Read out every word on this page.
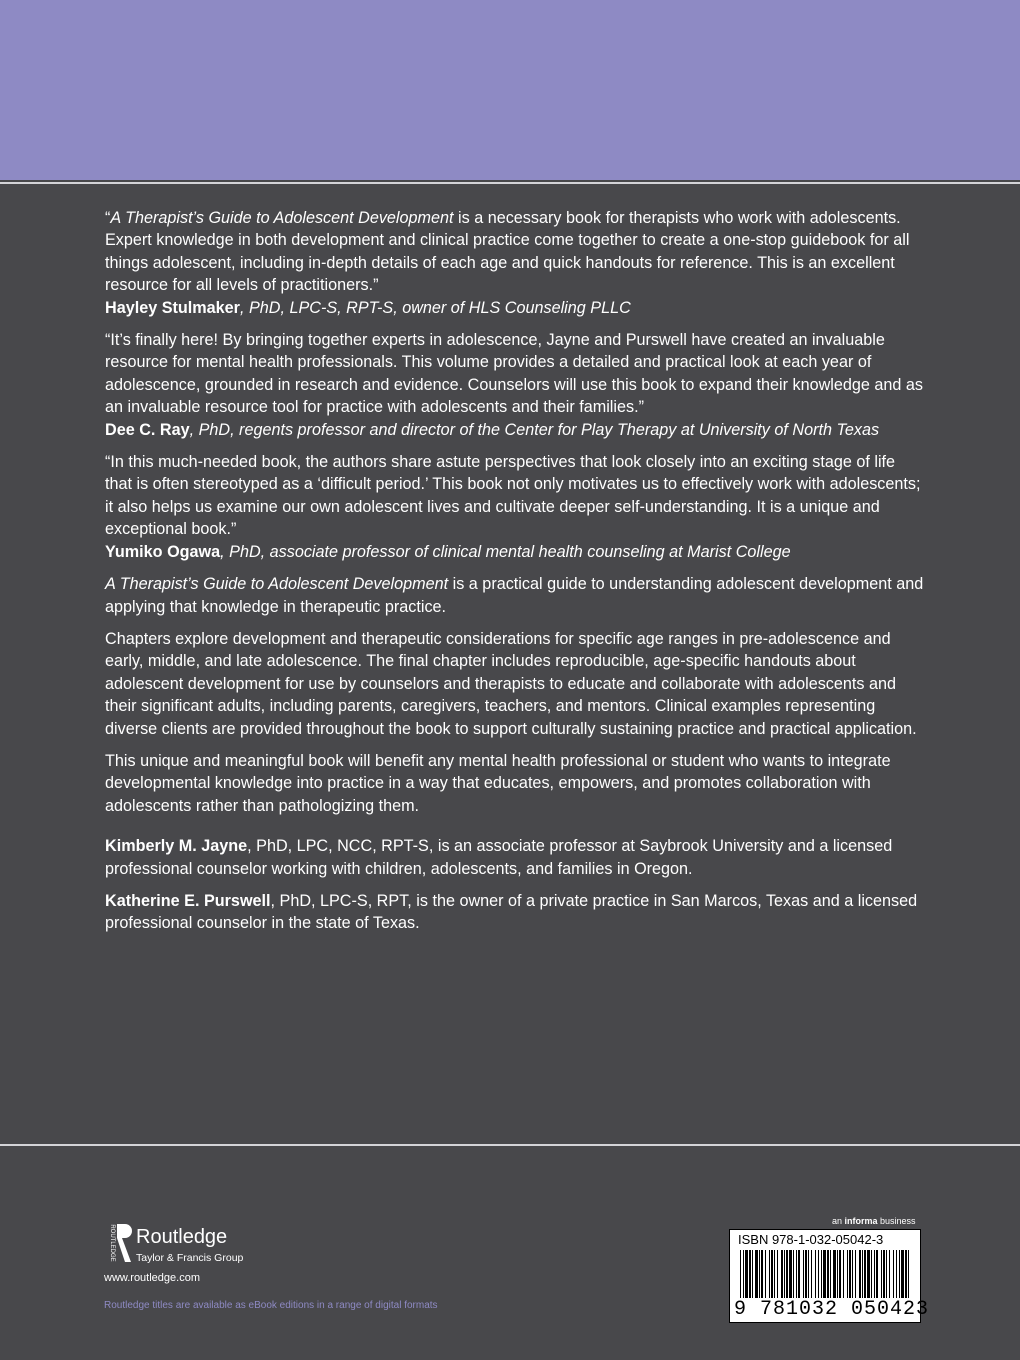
“A Therapist’s Guide to Adolescent Development is a necessary book for therapists who work with adolescents. Expert knowledge in both development and clinical practice come together to create a one-stop guidebook for all things adolescent, including in-depth details of each age and quick handouts for reference. This is an excellent resource for all levels of practitioners.”

Hayley Stulmaker, PhD, LPC-S, RPT-S, owner of HLS Counseling PLLC

“It’s finally here! By bringing together experts in adolescence, Jayne and Purswell have created an invaluable resource for mental health professionals. This volume provides a detailed and practical look at each year of adolescence, grounded in research and evidence. Counselors will use this book to expand their knowledge and as an invaluable resource tool for practice with adolescents and their families.”

Dee C. Ray, PhD, regents professor and director of the Center for Play Therapy at University of North Texas

“In this much-needed book, the authors share astute perspectives that look closely into an exciting stage of life that is often stereotyped as a ‘difficult period.’ This book not only motivates us to effectively work with adolescents; it also helps us examine our own adolescent lives and cultivate deeper self-understanding. It is a unique and exceptional book.”

Yumiko Ogawa, PhD, associate professor of clinical mental health counseling at Marist College

A Therapist’s Guide to Adolescent Development is a practical guide to understanding adolescent development and applying that knowledge in therapeutic practice.

Chapters explore development and therapeutic considerations for specific age ranges in pre-adolescence and early, middle, and late adolescence. The final chapter includes reproducible, age-specific handouts about adolescent development for use by counselors and therapists to educate and collaborate with adolescents and their significant adults, including parents, caregivers, teachers, and mentors. Clinical examples representing diverse clients are provided throughout the book to support culturally sustaining practice and practical application.

This unique and meaningful book will benefit any mental health professional or student who wants to integrate developmental knowledge into practice in a way that educates, empowers, and promotes collaboration with adolescents rather than pathologizing them.

Kimberly M. Jayne, PhD, LPC, NCC, RPT-S, is an associate professor at Saybrook University and a licensed professional counselor working with children, adolescents, and families in Oregon.

Katherine E. Purswell, PhD, LPC-S, RPT, is the owner of a private practice in San Marcos, Texas and a licensed professional counselor in the state of Texas.

ROUTLEDGE Routledge
Taylor & Francis Group
www.routledge.com
Routledge titles are available as eBook editions in a range of digital formats
an informa business
ISBN 978-1-032-05042-3
9 781032 050423
